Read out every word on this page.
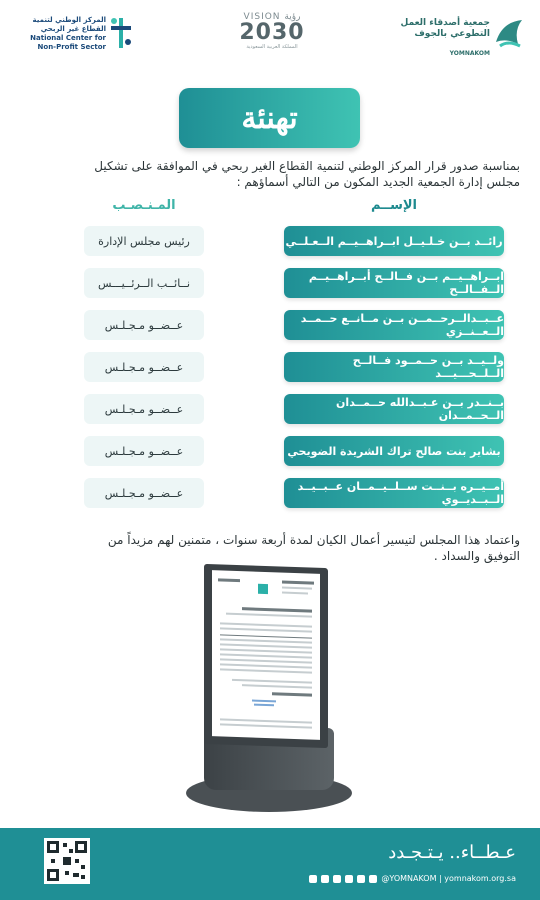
المركز الوطني لتنمية
القطاع غير الربحي
National Center for
Non-Profit Sector
VISION رؤية
2030
المملكة العربية السعودية
جمعية أصدقاء العمل
التطوعي بالجوف
YOMNAKOM
تهنئة
بمناسبة صدور قرار المركز الوطني لتنمية القطاع الغير ربحي في الموافقة على تشكيل مجلس إدارة الجمعية الجديد المكون من التالي أسماؤهم :
الإســم
المـنـصـب
رائــد بــن خـلـيــل ابــراهــيــم الــعـلــي
رئيس مجلس الإدارة
ابــراهــيــم بــن فــالــح أبــراهــيــم الــفــالــح
نــائــب الــرئــيـــس
عــبــدالــرحــمــن بــن مــانــع حــمــد الــعــنــزي
عــضــو مـجـلـس
ولــيــد بــن حــمــود فــالــح الــلــحـــيـــد
عــضــو مـجـلـس
بــنــدر بــن عـبــدالله حــمــدان الــحــمــدان
عــضــو مـجـلـس
بشاير بنت صالح تراك الشريدة الضويحي
عــضــو مـجـلـس
أمــيــره بــنــت ســلــيــمــان عــبــيــد الــبــديــوي
عــضــو مـجـلـس
واعتماد هذا المجلس لتيسير أعمال الكيان لمدة أربعة سنوات ، متمنين لهم مزيداً من التوفيق والسداد .
عـطــاء.. يـتـجـدد
@YOMNAKOM | yomnakom.org.sa
